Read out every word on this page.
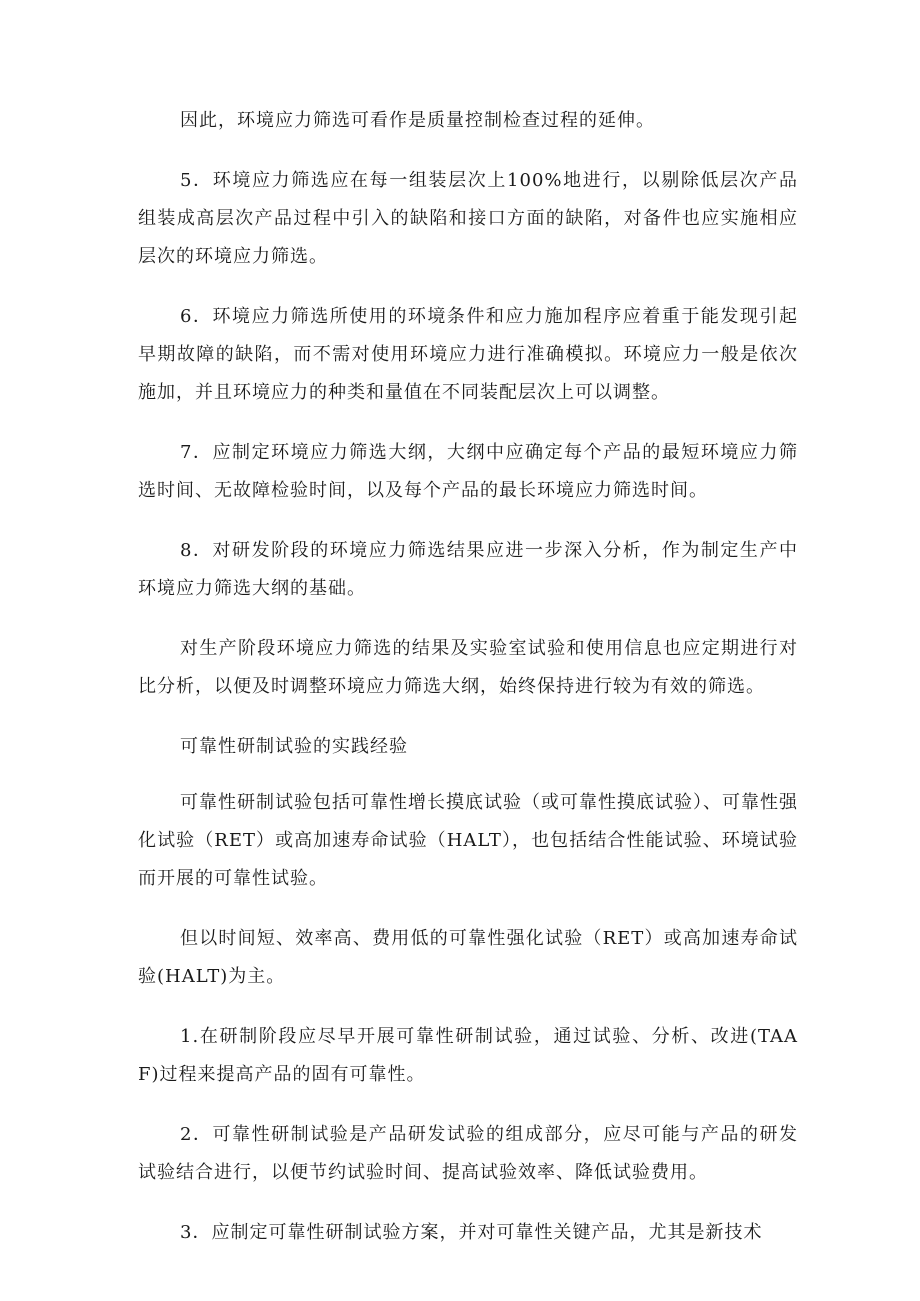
因此，环境应力筛选可看作是质量控制检查过程的延伸。

5．环境应力筛选应在每一组装层次上100%地进行，以剔除低层次产品组装成高层次产品过程中引入的缺陷和接口方面的缺陷，对备件也应实施相应层次的环境应力筛选。

6．环境应力筛选所使用的环境条件和应力施加程序应着重于能发现引起早期故障的缺陷，而不需对使用环境应力进行准确模拟。环境应力一般是依次施加，并且环境应力的种类和量值在不同装配层次上可以调整。

7．应制定环境应力筛选大纲，大纲中应确定每个产品的最短环境应力筛选时间、无故障检验时间，以及每个产品的最长环境应力筛选时间。

8．对研发阶段的环境应力筛选结果应进一步深入分析，作为制定生产中环境应力筛选大纲的基础。

对生产阶段环境应力筛选的结果及实验室试验和使用信息也应定期进行对比分析，以便及时调整环境应力筛选大纲，始终保持进行较为有效的筛选。

可靠性研制试验的实践经验

可靠性研制试验包括可靠性增长摸底试验（或可靠性摸底试验）、可靠性强化试验（RET）或高加速寿命试验（HALT），也包括结合性能试验、环境试验而开展的可靠性试验。

但以时间短、效率高、费用低的可靠性强化试验（RET）或高加速寿命试验(HALT)为主。

1.在研制阶段应尽早开展可靠性研制试验，通过试验、分析、改进(TAAF)过程来提高产品的固有可靠性。

2．可靠性研制试验是产品研发试验的组成部分，应尽可能与产品的研发试验结合进行，以便节约试验时间、提高试验效率、降低试验费用。

3．应制定可靠性研制试验方案，并对可靠性关键产品，尤其是新技术
